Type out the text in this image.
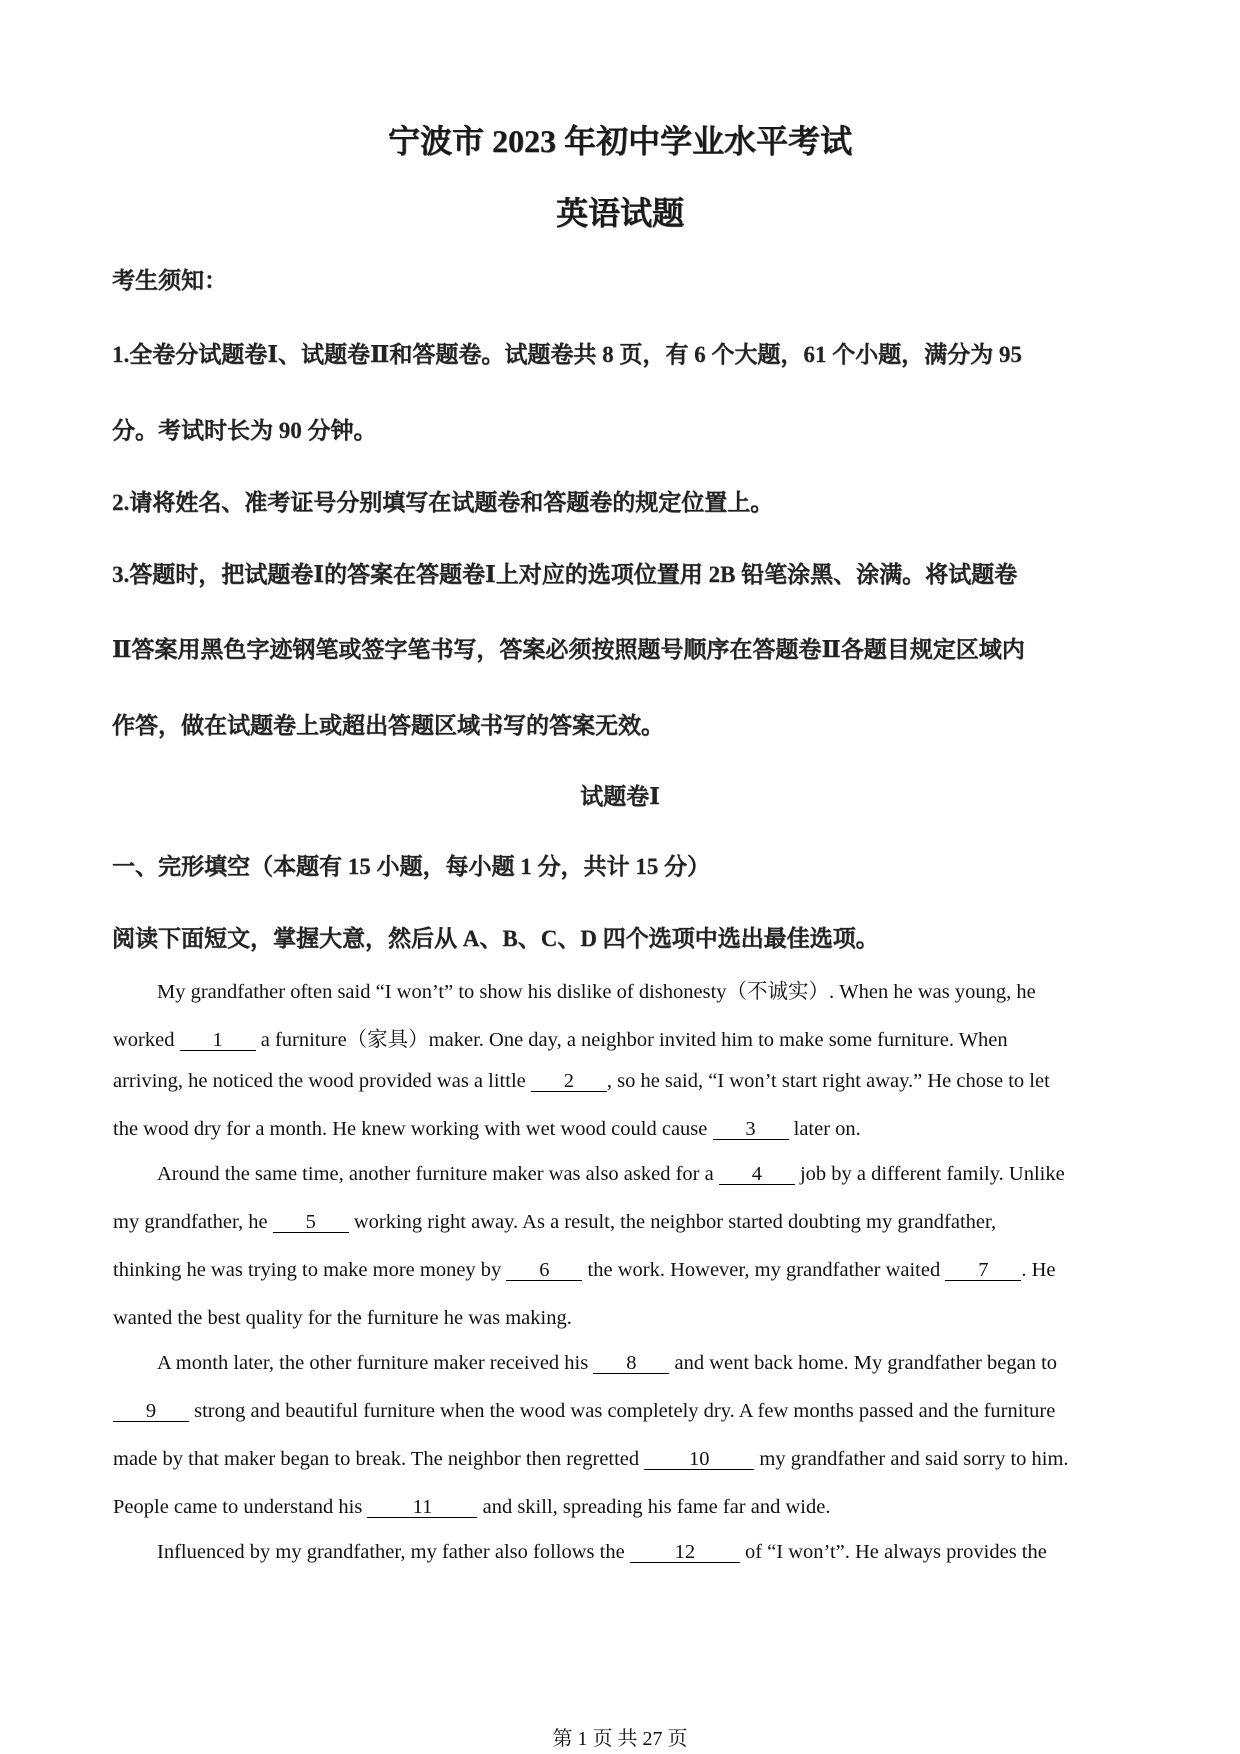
宁波市 2023 年初中学业水平考试
英语试题
考生须知：
1.全卷分试题卷Ⅰ、试题卷Ⅱ和答题卷。试题卷共 8 页，有 6 个大题，61 个小题，满分为 95
分。考试时长为 90 分钟。
2.请将姓名、准考证号分别填写在试题卷和答题卷的规定位置上。
3.答题时，把试题卷Ⅰ的答案在答题卷Ⅰ上对应的选项位置用 2B 铅笔涂黑、涂满。将试题卷
Ⅱ答案用黑色字迹钢笔或签字笔书写，答案必须按照题号顺序在答题卷Ⅱ各题目规定区域内
作答，做在试题卷上或超出答题区域书写的答案无效。
试题卷Ⅰ
一、完形填空（本题有 15 小题，每小题 1 分，共计 15 分）
阅读下面短文，掌握大意，然后从 A、B、C、D 四个选项中选出最佳选项。
My grandfather often said “I won’t” to show his dislike of dishonesty（不诚实）. When he was young, he
worked 1 a furniture（家具）maker. One day, a neighbor invited him to make some furniture. When
arriving, he noticed the wood provided was a little 2 , so he said, “I won’t start right away.” He chose to let
the wood dry for a month. He knew working with wet wood could cause 3 later on.
Around the same time, another furniture maker was also asked for a 4 job by a different family. Unlike
my grandfather, he 5 working right away. As a result, the neighbor started doubting my grandfather,
thinking he was trying to make more money by 6 the work. However, my grandfather waited 7 . He
wanted the best quality for the furniture he was making.
A month later, the other furniture maker received his 8 and went back home. My grandfather began to
9 strong and beautiful furniture when the wood was completely dry. A few months passed and the furniture
made by that maker began to break. The neighbor then regretted 10 my grandfather and said sorry to him.
People came to understand his 11 and skill, spreading his fame far and wide.
Influenced by my grandfather, my father also follows the 12 of “I won’t”. He always provides the
第 1 页 共 27 页
